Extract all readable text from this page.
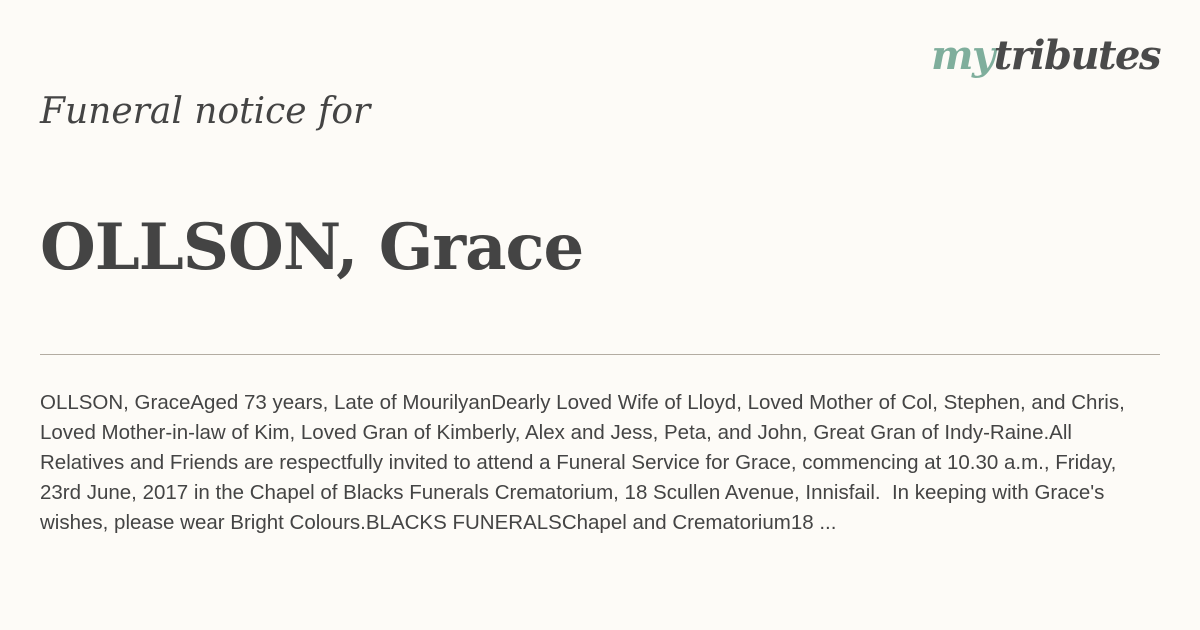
mytributes
Funeral notice for
OLLSON, Grace
OLLSON, GraceAged 73 years, Late of MourilyanDearly Loved Wife of Lloyd, Loved Mother of Col, Stephen, and Chris, Loved Mother-in-law of Kim, Loved Gran of Kimberly, Alex and Jess, Peta, and John, Great Gran of Indy-Raine.All Relatives and Friends are respectfully invited to attend a Funeral Service for Grace, commencing at 10.30 a.m., Friday, 23rd June, 2017 in the Chapel of Blacks Funerals Crematorium, 18 Scullen Avenue, Innisfail.  In keeping with Grace's wishes, please wear Bright Colours.BLACKS FUNERALSChapel and Crematorium18 ...
